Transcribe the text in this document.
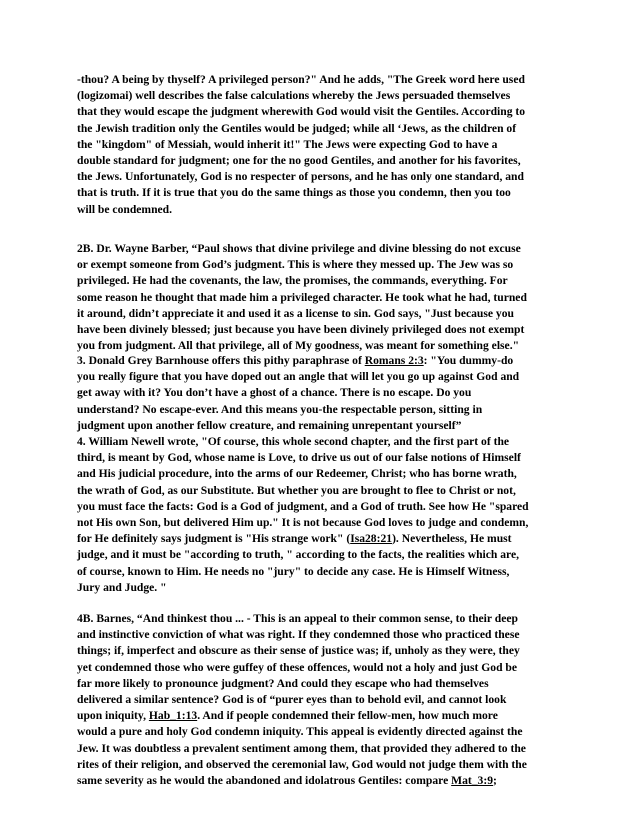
-thou? A being by thyself? A privileged person?" And he adds, "The Greek word here used
(logizomai) well describes the false calculations whereby the Jews persuaded themselves
that they would escape the judgment wherewith God would visit the Gentiles. According to
the Jewish tradition only the Gentiles would be judged; while all ‘Jews, as the children of
the "kingdom" of Messiah, would inherit it!" The Jews were expecting God to have a
double standard for judgment; one for the no good Gentiles, and another for his favorites,
the Jews. Unfortunately, God is no respecter of persons, and he has only one standard, and
that is truth. If it is true that you do the same things as those you condemn, then you too
will be condemned.
2B. Dr. Wayne Barber, “Paul shows that divine privilege and divine blessing do not excuse
or exempt someone from God’s judgment. This is where they messed up. The Jew was so
privileged. He had the covenants, the law, the promises, the commands, everything. For
some reason he thought that made him a privileged character. He took what he had, turned
it around, didn’t appreciate it and used it as a license to sin. God says, "Just because you
have been divinely blessed; just because you have been divinely privileged does not exempt
you from judgment. All that privilege, all of My goodness, was meant for something else."
3. Donald Grey Barnhouse offers this pithy paraphrase of Romans 2:3: "You dummy-do
you really figure that you have doped out an angle that will let you go up against God and
get away with it? You don’t have a ghost of a chance. There is no escape. Do you
understand? No escape-ever. And this means you-the respectable person, sitting in
judgment upon another fellow creature, and remaining unrepentant yourself”
4. William Newell wrote, "Of course, this whole second chapter, and the first part of the
third, is meant by God, whose name is Love, to drive us out of our false notions of Himself
and His judicial procedure, into the arms of our Redeemer, Christ; who has borne wrath,
the wrath of God, as our Substitute. But whether you are brought to flee to Christ or not,
you must face the facts: God is a God of judgment, and a God of truth. See how He "spared
not His own Son, but delivered Him up." It is not because God loves to judge and condemn,
for He definitely says judgment is "His strange work" (Isa28:21). Nevertheless, He must
judge, and it must be "according to truth, " according to the facts, the realities which are,
of course, known to Him. He needs no "jury" to decide any case. He is Himself Witness,
Jury and Judge. "
4B. Barnes, “And thinkest thou ... - This is an appeal to their common sense, to their deep
and instinctive conviction of what was right. If they condemned those who practiced these
things; if, imperfect and obscure as their sense of justice was; if, unholy as they were, they
yet condemned those who were guffey of these offences, would not a holy and just God be
far more likely to pronounce judgment? And could they escape who had themselves
delivered a similar sentence? God is of “purer eyes than to behold evil, and cannot look
upon iniquity, Hab_1:13. And if people condemned their fellow-men, how much more
would a pure and holy God condemn iniquity. This appeal is evidently directed against the
Jew. It was doubtless a prevalent sentiment among them, that provided they adhered to the
rites of their religion, and observed the ceremonial law, God would not judge them with the
same severity as he would the abandoned and idolatrous Gentiles: compare Mat_3:9;
